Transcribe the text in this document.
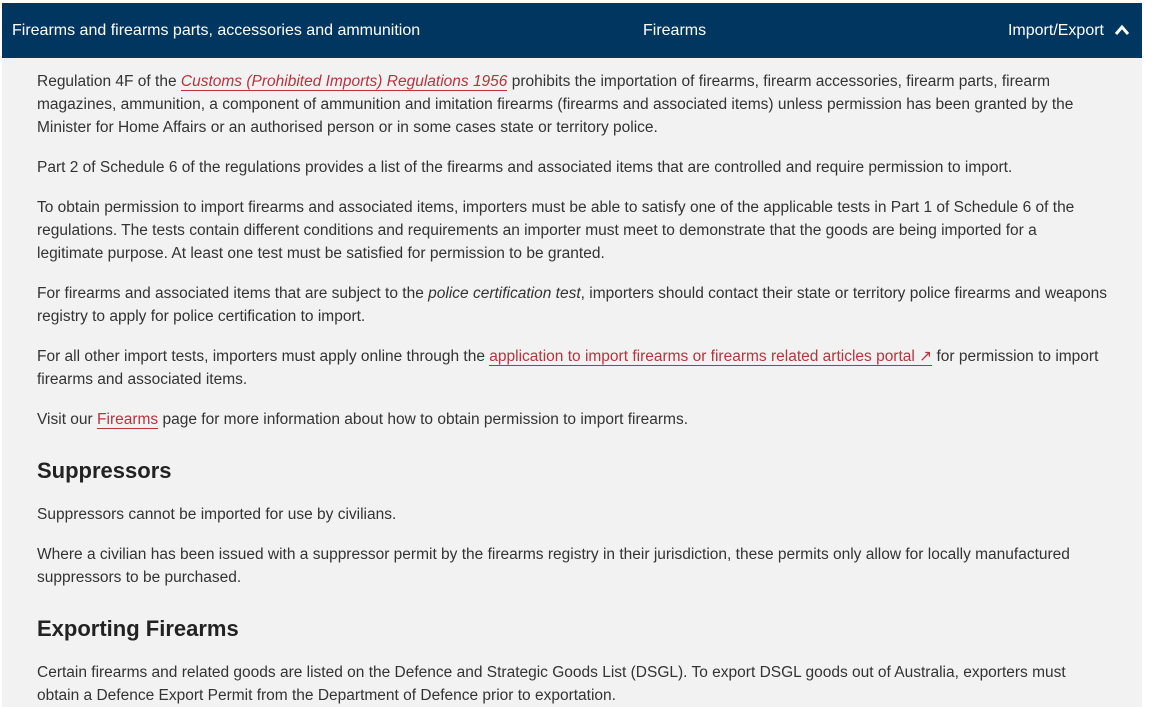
Firearms and firearms parts, accessories and ammunition	Firearms	Import/Export

Regulation 4F of the Customs (Prohibited Imports) Regulations 1956 prohibits the importation of firearms, firearm accessories, firearm parts, firearm magazines, ammunition, a component of ammunition and imitation firearms (firearms and associated items) unless permission has been granted by the Minister for Home Affairs or an authorised person or in some cases state or territory police.

Part 2 of Schedule 6 of the regulations provides a list of the firearms and associated items that are controlled and require permission to import.

To obtain permission to import firearms and associated items, importers must be able to satisfy one of the applicable tests in Part 1 of Schedule 6 of the regulations. The tests contain different conditions and requirements an importer must meet to demonstrate that the goods are being imported for a legitimate purpose. At least one test must be satisfied for permission to be granted.

For firearms and associated items that are subject to the police certification test, importers should contact their state or territory police firearms and weapons registry to apply for police certification to import.

For all other import tests, importers must apply online through the application to import firearms or firearms related articles portal ↗ for permission to import firearms and associated items.

Visit our Firearms page for more information about how to obtain permission to import firearms.

Suppressors

Suppressors cannot be imported for use by civilians.

Where a civilian has been issued with a suppressor permit by the firearms registry in their jurisdiction, these permits only allow for locally manufactured suppressors to be purchased.

Exporting Firearms

Certain firearms and related goods are listed on the Defence and Strategic Goods List (DSGL). To export DSGL goods out of Australia, exporters must obtain a Defence Export Permit from the Department of Defence prior to exportation.
